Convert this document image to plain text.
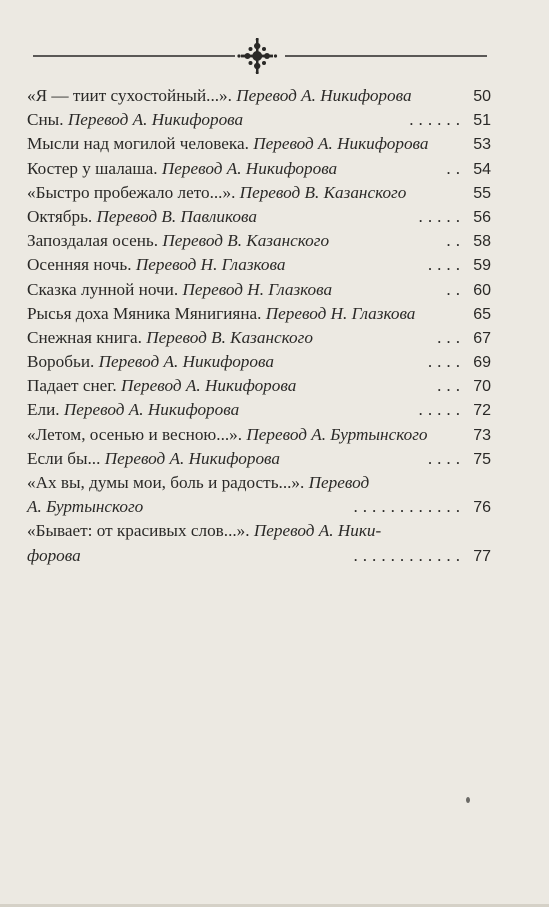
«Я — тиит сухостойный...».
Перевод А. Никифорова	50
Сны.
Перевод А. Никифорова	...... 51
Мысли над могилой человека.
Перевод А. Никифорова	53
Костер у шалаша.
Перевод А. Никифорова	.. 54
«Быстро пробежало лето...».
Перевод В. Казанского	55
Октябрь.
Перевод В. Павликова	..... 56
Запоздалая осень.
Перевод В. Казанского	.. 58
Осенняя ночь.
Перевод Н. Глазкова	.... 59
Сказка лунной ночи.
Перевод Н. Глазкова	.. 60
Рысья доха Мяника Мянигияна.
Перевод Н. Глазкова	65
Снежная книга.
Перевод В. Казанского	... 67
Воробьи.
Перевод А. Никифорова	.... 69
Падает снег.
Перевод А. Никифорова	... 70
Ели.
Перевод А. Никифорова	..... 72
«Летом, осенью и весною...».
Перевод А. Буртынского	73
Если бы...
Перевод А. Никифорова	.... 75
«Ах вы, думы мои, боль и радость...».
Перевод
А. Буртынского	............ 76
«Бывает: от красивых слов...».
Перевод А. Ники-
форова	............ 77
